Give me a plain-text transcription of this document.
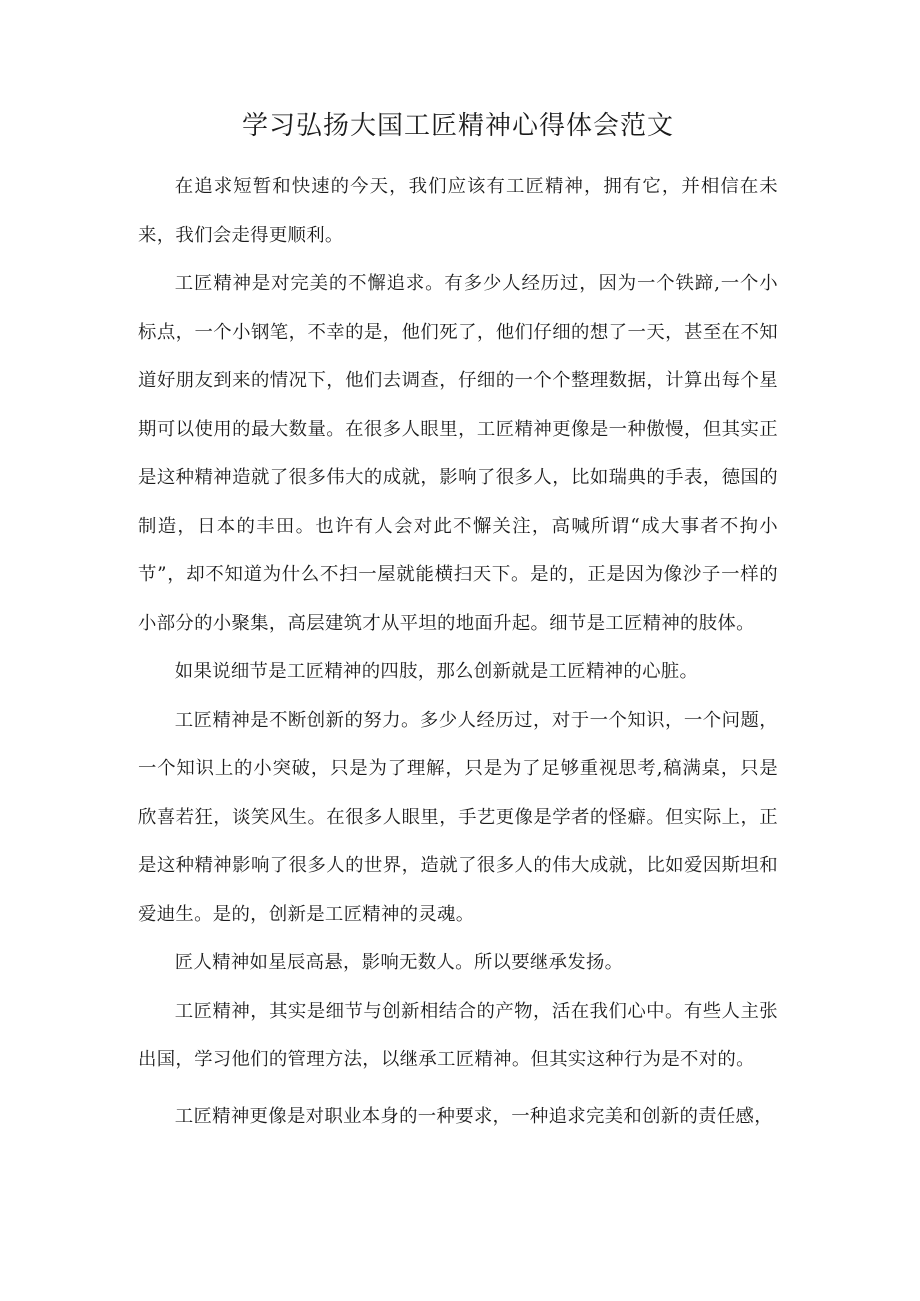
学习弘扬大国工匠精神心得体会范文

在追求短暂和快速的今天，我们应该有工匠精神，拥有它，并相信在未来，我们会走得更顺利。

工匠精神是对完美的不懈追求。有多少人经历过，因为一个铁蹄,一个小标点，一个小钢笔，不幸的是，他们死了，他们仔细的想了一天，甚至在不知道好朋友到来的情况下，他们去调查，仔细的一个个整理数据，计算出每个星期可以使用的最大数量。在很多人眼里，工匠精神更像是一种傲慢，但其实正是这种精神造就了很多伟大的成就，影响了很多人，比如瑞典的手表，德国的制造，日本的丰田。也许有人会对此不懈关注，高喊所谓“成大事者不拘小节”，却不知道为什么不扫一屋就能横扫天下。是的，正是因为像沙子一样的小部分的小聚集，高层建筑才从平坦的地面升起。细节是工匠精神的肢体。

如果说细节是工匠精神的四肢，那么创新就是工匠精神的心脏。

工匠精神是不断创新的努力。多少人经历过，对于一个知识，一个问题，一个知识上的小突破，只是为了理解，只是为了足够重视思考,稿满桌，只是欣喜若狂，谈笑风生。在很多人眼里，手艺更像是学者的怪癖。但实际上，正是这种精神影响了很多人的世界，造就了很多人的伟大成就，比如爱因斯坦和爱迪生。是的，创新是工匠精神的灵魂。

匠人精神如星辰高悬，影响无数人。所以要继承发扬。

工匠精神，其实是细节与创新相结合的产物，活在我们心中。有些人主张出国，学习他们的管理方法，以继承工匠精神。但其实这种行为是不对的。

工匠精神更像是对职业本身的一种要求，一种追求完美和创新的责任感，
